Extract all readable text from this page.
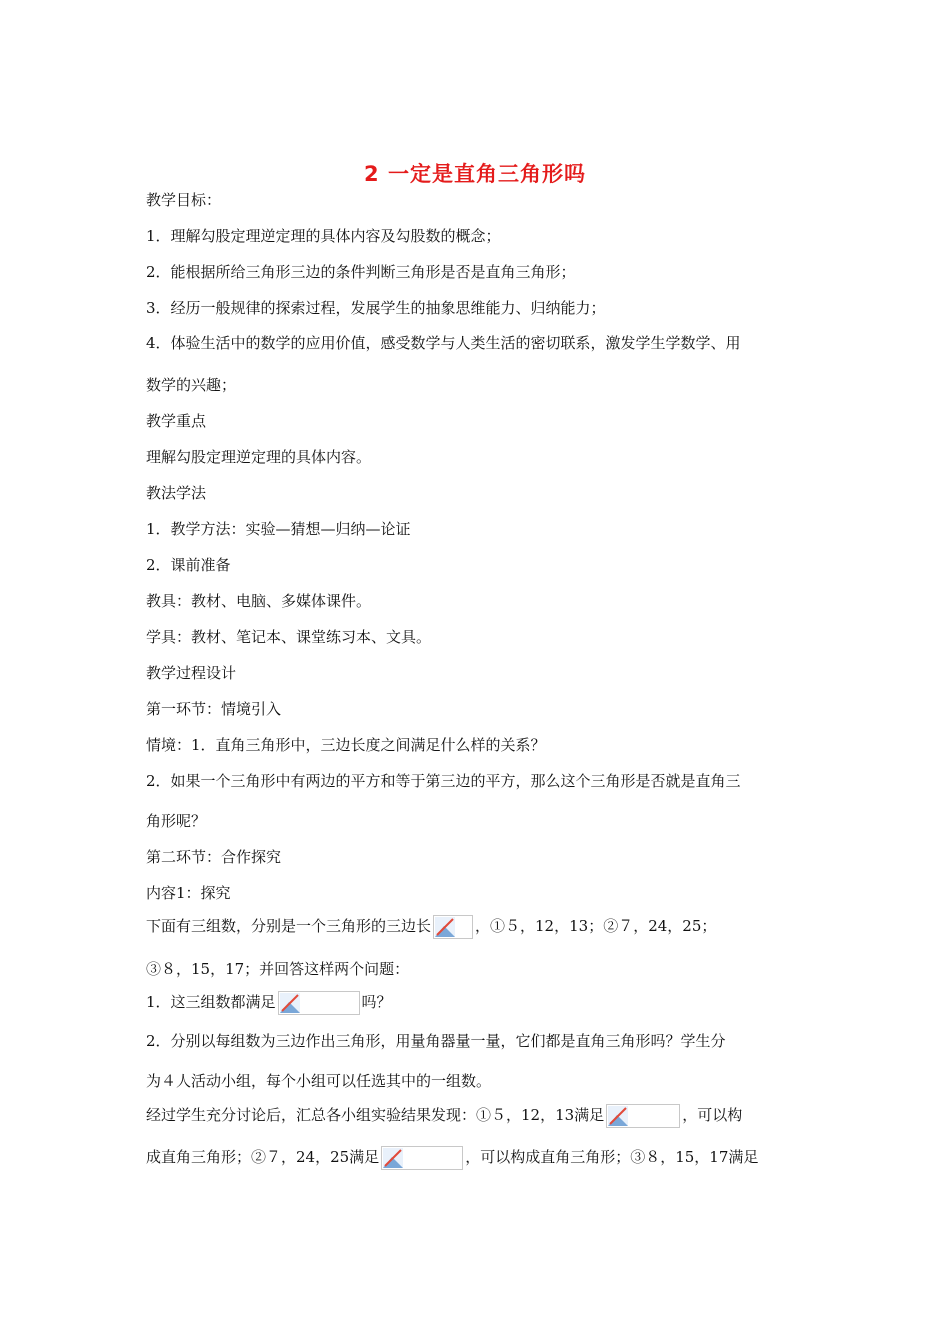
2 一定是直角三角形吗
教学目标：
1．理解勾股定理逆定理的具体内容及勾股数的概念；
2．能根据所给三角形三边的条件判断三角形是否是直角三角形；
3．经历一般规律的探索过程，发展学生的抽象思维能力、归纳能力；
4．体验生活中的数学的应用价值，感受数学与人类生活的密切联系，激发学生学数学、用
数学的兴趣；
教学重点
理解勾股定理逆定理的具体内容。
教法学法
1．教学方法：实验—猜想—归纳—论证
2．课前准备
教具：教材、电脑、多媒体课件。
学具：教材、笔记本、课堂练习本、文具。
教学过程设计
第一环节：情境引入
情境：1．直角三角形中，三边长度之间满足什么样的关系？
2．如果一个三角形中有两边的平方和等于第三边的平方，那么这个三角形是否就是直角三
角形呢？
第二环节：合作探究
内容1：探究
下面有三组数，分别是一个三角形的三边长	，①５，12，13；②７，24，25；
③８，15，17；并回答这样两个问题：
1．这三组数都满足	吗？
2．分别以每组数为三边作出三角形，用量角器量一量，它们都是直角三角形吗？学生分
为４人活动小组，每个小组可以任选其中的一组数。
经过学生充分讨论后，汇总各小组实验结果发现：①５，12，13满足	，可以构
成直角三角形；②７，24，25满足	，可以构成直角三角形；③８，15，17满足
